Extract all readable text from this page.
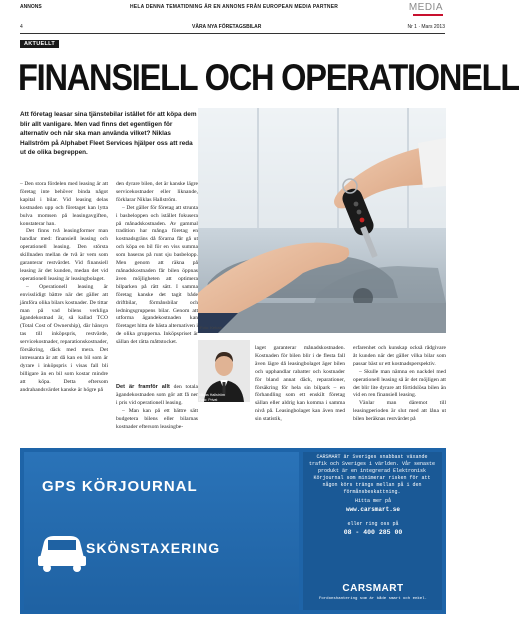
ANNONS	HELA DENNA TEMATIDNING ÄR EN ANNONS FRÅN EUROPEAN MEDIA PARTNER	MEDIA
4	VÅRA NYA FÖRETAGSBILAR	Nr 1 · Mars 2013
AKTUELLT
FINANSIELL OCH OPERATIONELL

Att företag leasar sina tjänstebilar istället för att köpa dem blir allt vanligare. Men vad finns det egentligen för alternativ och när ska man använda vilket? Niklas Hallström på Alphabet Fleet Services hjälper oss att reda ut de olika begreppen.

Foto: Kebab

– Den stora fördelen med leasing är att företag inte behöver binda något kapital i bilar. Vid leasing delas kostnaden upp och företaget kan lytta bulva momsen på leasingavgiften, konstaterar han.

Det finns två leasingformer man handlar med: finansiell leasing och operationell leasing. Den största skillnaden mellan de två är vem som garanterar restvärdet. Vid finansiell leasing är det kunden, medan det vid operationell leasing är leasingbolaget.

– Operationell leasing är envisslidigt bättre när det gäller att jämföra olika bilars kostnader. De tittar man på vad bilens verkliga ägandekostnad är, så kallad TCO (Total Cost of Ownership), där hänsyn tas till inköpspris, restvärde, servicekostnader, reparationskostnader, försäkring, däck med mera. Det intressanta är att då kan en bil som är dyrare i inköpspris i visas fall bli billigare än en bil som kostar mindre att köpa. Detta eftersom andrahandsvärdet kanske är högre på

den dyrare bilen, det är kanske lägre servicekostnader eller liknande, förklarar Niklas Hallström.

– Det gäller för företag att strunta i basbeloppen och istället fokusera på månadskostnaden. Av gammal tradition har många företag en kostnadsgräns då förarna får gå ut och köpa en bil för en viss summa som baseras på runt sju basbelopp. Men genom att räkna på månadskostnaden får bilen öppnas även möjligheten att optimera bilparken på rätt sätt. I samma företag kanske det tagit både driftbilar, förmånsbilar och ledningsgruppens bilar. Genom att utforma ägandekostnaden kan företaget hitta de bästa alternativen i de olika grupperna. Inköpspriset är sällan det rätta måttstocket.

Niklas Hallström
Foto: Privat

Det är framför allt den totala ägandekostnaden som gör att få ner i pris vid operationell leasing.

– Man kan på ett bättre sätt budgetera bilens eller bilarnas kostnader eftersom leasingbe-

laget garanterar månadskostnaden. Kostnaden för bilen blir i de flesta fall även lägre då leasingbolaget äger bilen och upphandlar rabatter och kostnader för bland annat däck, reparationer, försäkring för hela sin bilpark – en förhandling som ett enskilt företag sällan eller aldrig kan komma i samma nivå på. Leasingbolaget kan även med sin statistik,

erfarenhet och kunskap också rådgivare åt kunden när det gäller vilka bilar som passar bäst ur ett kostnadsperspektiv.

– Skulle man nämna en nackdel med operationell leasing så är det möjligen att det blir lite dyrare att förtidslösa bilen än vid en ren finansiell leasing.

Vänlar man däremot till leasingperioden är slut med att låna ut bilen beräknas restvärdet på

GPS KÖRJOURNAL
SKÖNSTAXERING
CARSMART är Sveriges snabbast växande trafik och Sveriges i världen. Vår senaste produkt är en integrerad Elektronisk Körjournal som minimerar risken för att någon körs trängs mellan på i den förmånsbeskattning.
Hitta mer på
www.carsmart.se
eller ring oss på
08 - 400 285 00
CARSMART
Fordonshantering som är både smart och enkel.
